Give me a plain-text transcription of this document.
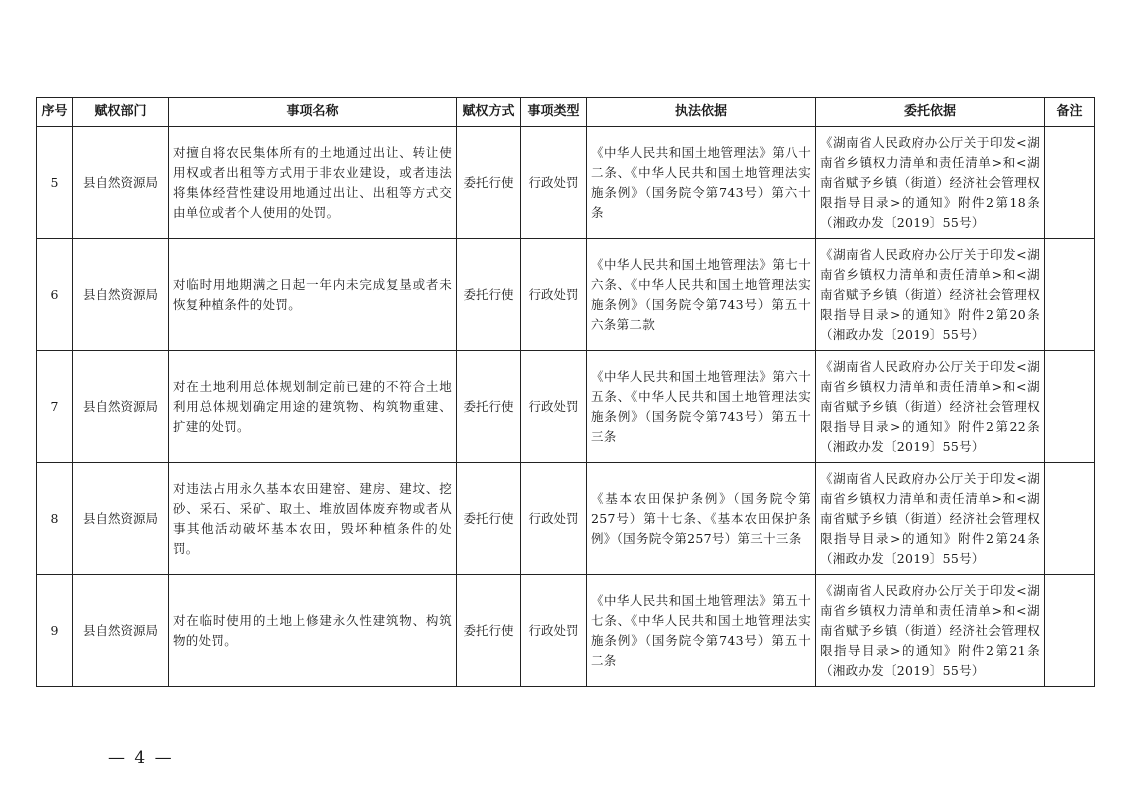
序号	赋权部门	事项名称	赋权方式	事项类型	执法依据	委托依据	备注
5	县自然资源局	对擅自将农民集体所有的土地通过出让、转让使用权或者出租等方式用于非农业建设，或者违法将集体经营性建设用地通过出让、出租等方式交由单位或者个人使用的处罚。	委托行使	行政处罚	《中华人民共和国土地管理法》第八十二条、《中华人民共和国土地管理法实施条例》（国务院令第743号）第六十条	《湖南省人民政府办公厅关于印发<湖南省乡镇权力清单和责任清单>和<湖南省赋予乡镇（街道）经济社会管理权限指导目录>的通知》附件2第18条（湘政办发〔2019〕55号）	
6	县自然资源局	对临时用地期满之日起一年内未完成复垦或者未恢复种植条件的处罚。	委托行使	行政处罚	《中华人民共和国土地管理法》第七十六条、《中华人民共和国土地管理法实施条例》（国务院令第743号）第五十六条第二款	《湖南省人民政府办公厅关于印发<湖南省乡镇权力清单和责任清单>和<湖南省赋予乡镇（街道）经济社会管理权限指导目录>的通知》附件2第20条（湘政办发〔2019〕55号）	
7	县自然资源局	对在土地利用总体规划制定前已建的不符合土地利用总体规划确定用途的建筑物、构筑物重建、扩建的处罚。	委托行使	行政处罚	《中华人民共和国土地管理法》第六十五条、《中华人民共和国土地管理法实施条例》（国务院令第743号）第五十三条	《湖南省人民政府办公厅关于印发<湖南省乡镇权力清单和责任清单>和<湖南省赋予乡镇（街道）经济社会管理权限指导目录>的通知》附件2第22条（湘政办发〔2019〕55号）	
8	县自然资源局	对违法占用永久基本农田建窑、建房、建坟、挖砂、采石、采矿、取土、堆放固体废弃物或者从事其他活动破坏基本农田，毁坏种植条件的处罚。	委托行使	行政处罚	《基本农田保护条例》（国务院令第257号）第十七条、《基本农田保护条例》（国务院令第257号）第三十三条	《湖南省人民政府办公厅关于印发<湖南省乡镇权力清单和责任清单>和<湖南省赋予乡镇（街道）经济社会管理权限指导目录>的通知》附件2第24条（湘政办发〔2019〕55号）	
9	县自然资源局	对在临时使用的土地上修建永久性建筑物、构筑物的处罚。	委托行使	行政处罚	《中华人民共和国土地管理法》第五十七条、《中华人民共和国土地管理法实施条例》（国务院令第743号）第五十二条	《湖南省人民政府办公厅关于印发<湖南省乡镇权力清单和责任清单>和<湖南省赋予乡镇（街道）经济社会管理权限指导目录>的通知》附件2第21条（湘政办发〔2019〕55号）	
— 4 —
